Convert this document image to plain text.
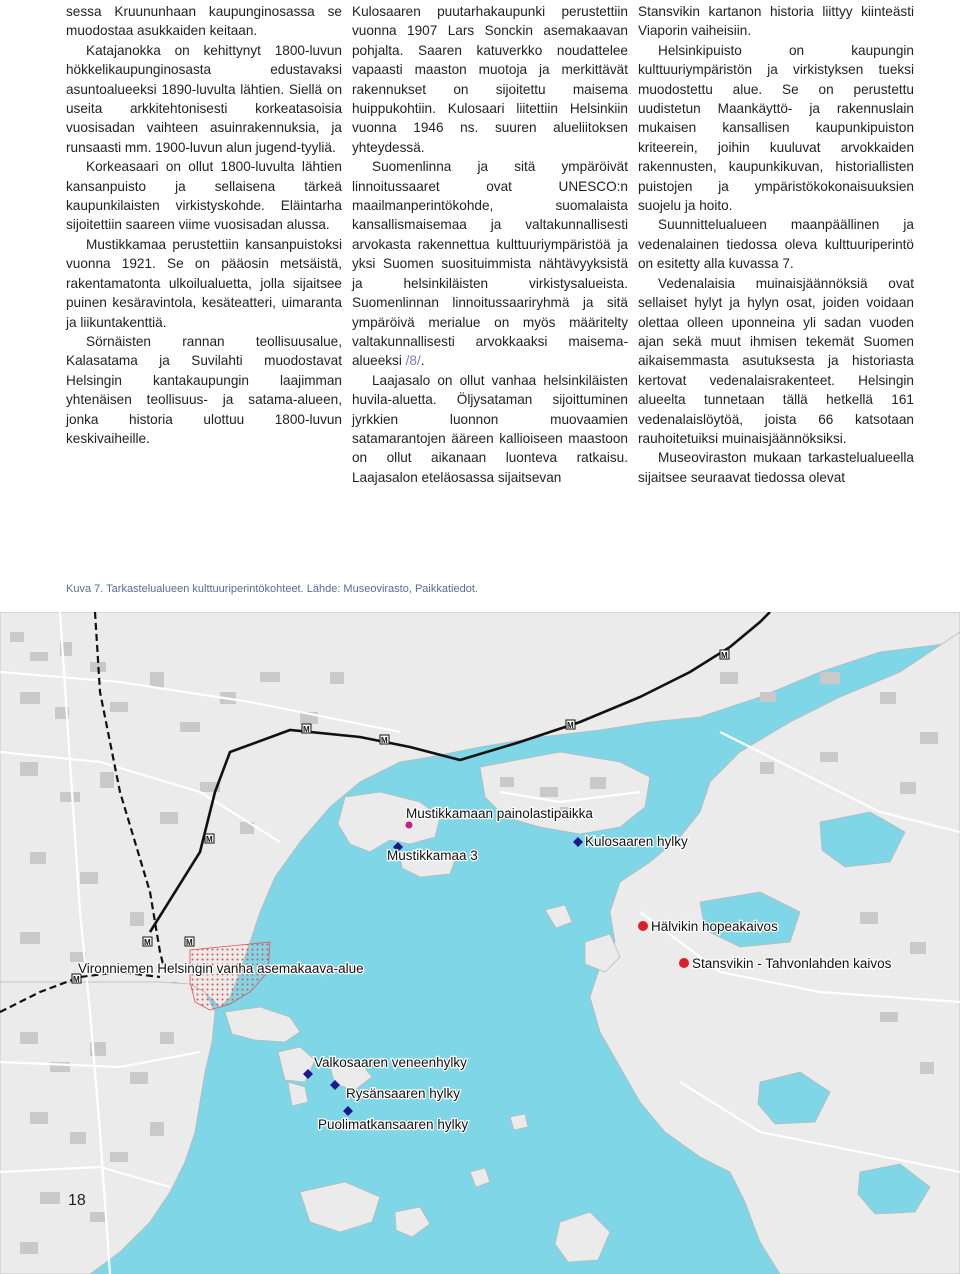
sessa Kruununhaan kaupunginosassa se muodostaa asukkaiden keitaan.

Katajanokka on kehittynyt 1800-luvun hökkelikaupunginosasta edustavaksi asuntoalueeksi 1890-luvulta lähtien. Siellä on useita arkkitehtonisesti korkeatasoisia vuosisadan vaihteen asuinrakennuksia, ja runsaasti mm. 1900-luvun alun jugend-tyyliä.

Korkeasaari on ollut 1800-luvulta lähtien kansanpuisto ja sellaisena tärkeä kaupunkilaisten virkistyskohde. Eläintarha sijoitettiin saareen viime vuosisadan alussa.

Mustikkamaa perustettiin kansanpuistoksi vuonna 1921. Se on pääosin metsäistä, rakentamatonta ulkoilualuetta, jolla sijaitsee puinen kesäravintola, kesäteatteri, uimaranta ja liikuntakenttiä.

Sörnäisten rannan teollisuusalue, Kalasatama ja Suvilahti muodostavat Helsingin kantakaupungin laajimman yhtenäisen teollisuus- ja satama-alueen, jonka historia ulottuu 1800-luvun keskivaiheille.

Kulosaaren puutarhakaupunki perustettiin vuonna 1907 Lars Sonckin asemakaavan pohjalta. Saaren katuverkko noudattelee vapaasti maaston muotoja ja merkittävät rakennukset on sijoitettu maisema huippukohtiin. Kulosaari liitettiin Helsinkiin vuonna 1946 ns. suuren alueliitoksen yhteydessä.

Suomenlinna ja sitä ympäröivät linnoitussaaret ovat UNESCO:n maailmanperintökohde, suomalaista kansallismaisemaa ja valtakunnallisesti arvokasta rakennettua kulttuuriympäristöä ja yksi Suomen suosituimmista nähtävyyksistä ja helsinkiläisten virkistysalueista. Suomenlinnan linnoitussaariryhmä ja sitä ympäröivä merialue on myös määritelty valtakunnallisesti arvokkaaksi maisema-alueeksi /8/.

Laajasalo on ollut vanhaa helsinkiläisten huvila-aluetta. Öljysataman sijoittuminen jyrkkien luonnon muovaamien satamarantojen ääreen kallioiseen maastoon on ollut aikanaan luonteva ratkaisu. Laajasalon eteläosassa sijaitsevan

Stansvikin kartanon historia liittyy kiinteästi Viaporin vaiheisiin.

Helsinkipuisto on kaupungin kulttuuriympäristön ja virkistyksen tueksi muodostettu alue. Se on perustettu uudistetun Maankäyttö- ja rakennuslain mukaisen kansallisen kaupunkipuiston kriteerein, joihin kuuluvat arvokkaiden rakennusten, kaupunkikuvan, historiallisten puistojen ja ympäristökokonaisuuksien suojelu ja hoito.

Suunnittelualueen maanpäällinen ja vedenalainen tiedossa oleva kulttuuriperintö on esitetty alla kuvassa 7.

Vedenalaisia muinaisjäännöksiä ovat sellaiset hylyt ja hylyn osat, joiden voidaan olettaa olleen uponneina yli sadan vuoden ajan sekä muut ihmisen tekemät Suomen aikaisemmasta asutuksesta ja historiasta kertovat vedenalaisrakenteet. Helsingin alueelta tunnetaan tällä hetkellä 161 vedenalaislöytöä, joista 66 katsotaan rauhoitetuiksi muinaisjäännöksiksi.

Museoviraston mukaan tarkastelualueella sijaitsee seuraavat tiedossa olevat

Kuva 7. Tarkastelualueen kulttuuriperintökohteet. Lähde: Museovirasto, Paikkatiedot.
M
M
M
M
M
M
M
M
Mustikkamaan painolastipaikka
Mustikkamaa 3
Kulosaaren hylky
Hälvikin hopeakaivos
Stansvikin - Tahvonlahden kaivos
Vironniemen Helsingin vanha asemakaava-alue
Valkosaaren veneenhylky
Rysänsaaren hylky
Puolimatkansaaren hylky
18
